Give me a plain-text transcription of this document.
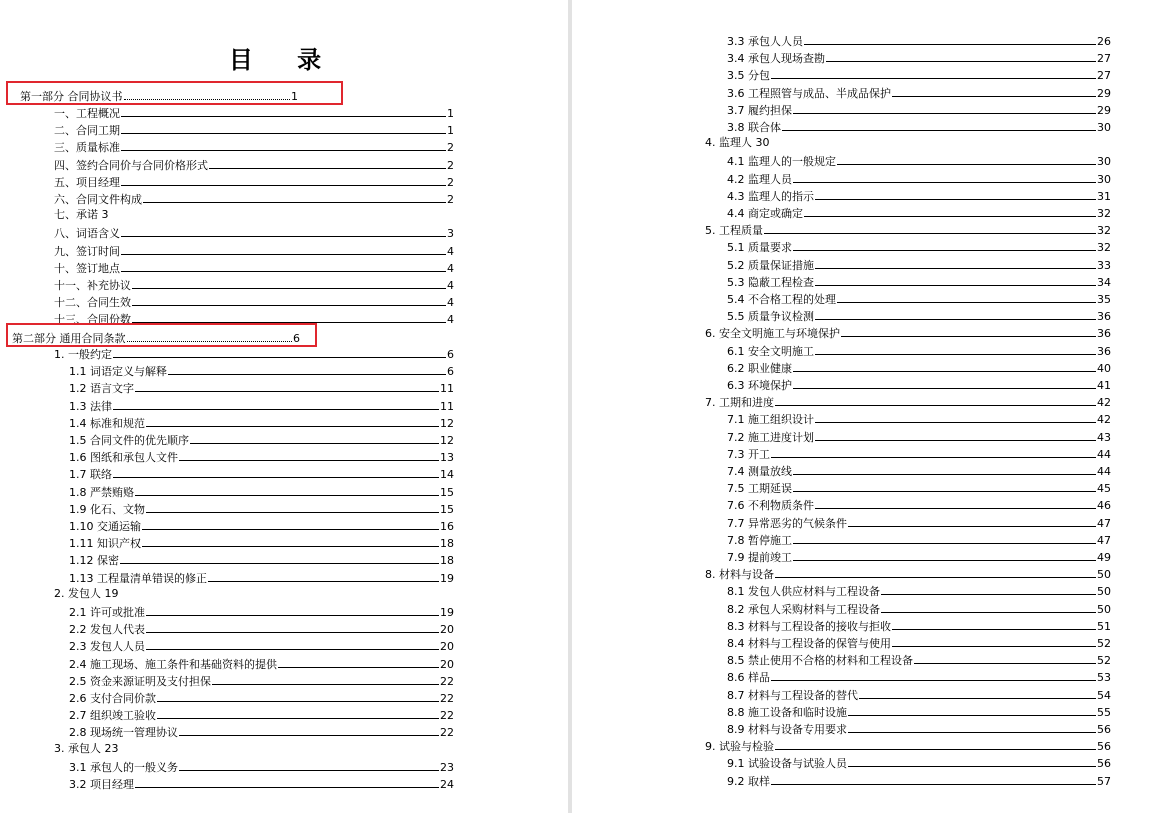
目 录
第一部分 合同协议书	1
一、工程概况	1
二、合同工期	1
三、质量标准	2
四、签约合同价与合同价格形式	2
五、项目经理	2
六、合同文件构成	2
七、承诺 3
八、词语含义	3
九、签订时间	4
十、签订地点	4
十一、补充协议	4
十二、合同生效	4
十三、合同份数	4
第二部分 通用合同条款	6
1. 一般约定	6
1.1 词语定义与解释	6
1.2 语言文字	11
1.3 法律	11
1.4 标准和规范	12
1.5 合同文件的优先顺序	12
1.6 图纸和承包人文件	13
1.7 联络	14
1.8 严禁贿赂	15
1.9 化石、文物	15
1.10 交通运输	16
1.11 知识产权	18
1.12 保密	18
1.13 工程量清单错误的修正	19
2. 发包人 19
2.1 许可或批准	19
2.2 发包人代表	20
2.3 发包人人员	20
2.4 施工现场、施工条件和基础资料的提供	20
2.5 资金来源证明及支付担保	22
2.6 支付合同价款	22
2.7 组织竣工验收	22
2.8 现场统一管理协议	22
3. 承包人 23
3.1 承包人的一般义务	23
3.2 项目经理	24
3.3 承包人人员	26
3.4 承包人现场查勘	27
3.5 分包	27
3.6 工程照管与成品、半成品保护	29
3.7 履约担保	29
3.8 联合体	30
4. 监理人 30
4.1 监理人的一般规定	30
4.2 监理人员	30
4.3 监理人的指示	31
4.4 商定或确定	32
5. 工程质量	32
5.1 质量要求	32
5.2 质量保证措施	33
5.3 隐蔽工程检查	34
5.4 不合格工程的处理	35
5.5 质量争议检测	36
6. 安全文明施工与环境保护	36
6.1 安全文明施工	36
6.2 职业健康	40
6.3 环境保护	41
7. 工期和进度	42
7.1 施工组织设计	42
7.2 施工进度计划	43
7.3 开工	44
7.4 测量放线	44
7.5 工期延误	45
7.6 不利物质条件	46
7.7 异常恶劣的气候条件	47
7.8 暂停施工	47
7.9 提前竣工	49
8. 材料与设备	50
8.1 发包人供应材料与工程设备	50
8.2 承包人采购材料与工程设备	50
8.3 材料与工程设备的接收与拒收	51
8.4 材料与工程设备的保管与使用	52
8.5 禁止使用不合格的材料和工程设备	52
8.6 样品	53
8.7 材料与工程设备的替代	54
8.8 施工设备和临时设施	55
8.9 材料与设备专用要求	56
9. 试验与检验	56
9.1 试验设备与试验人员	56
9.2 取样	57
